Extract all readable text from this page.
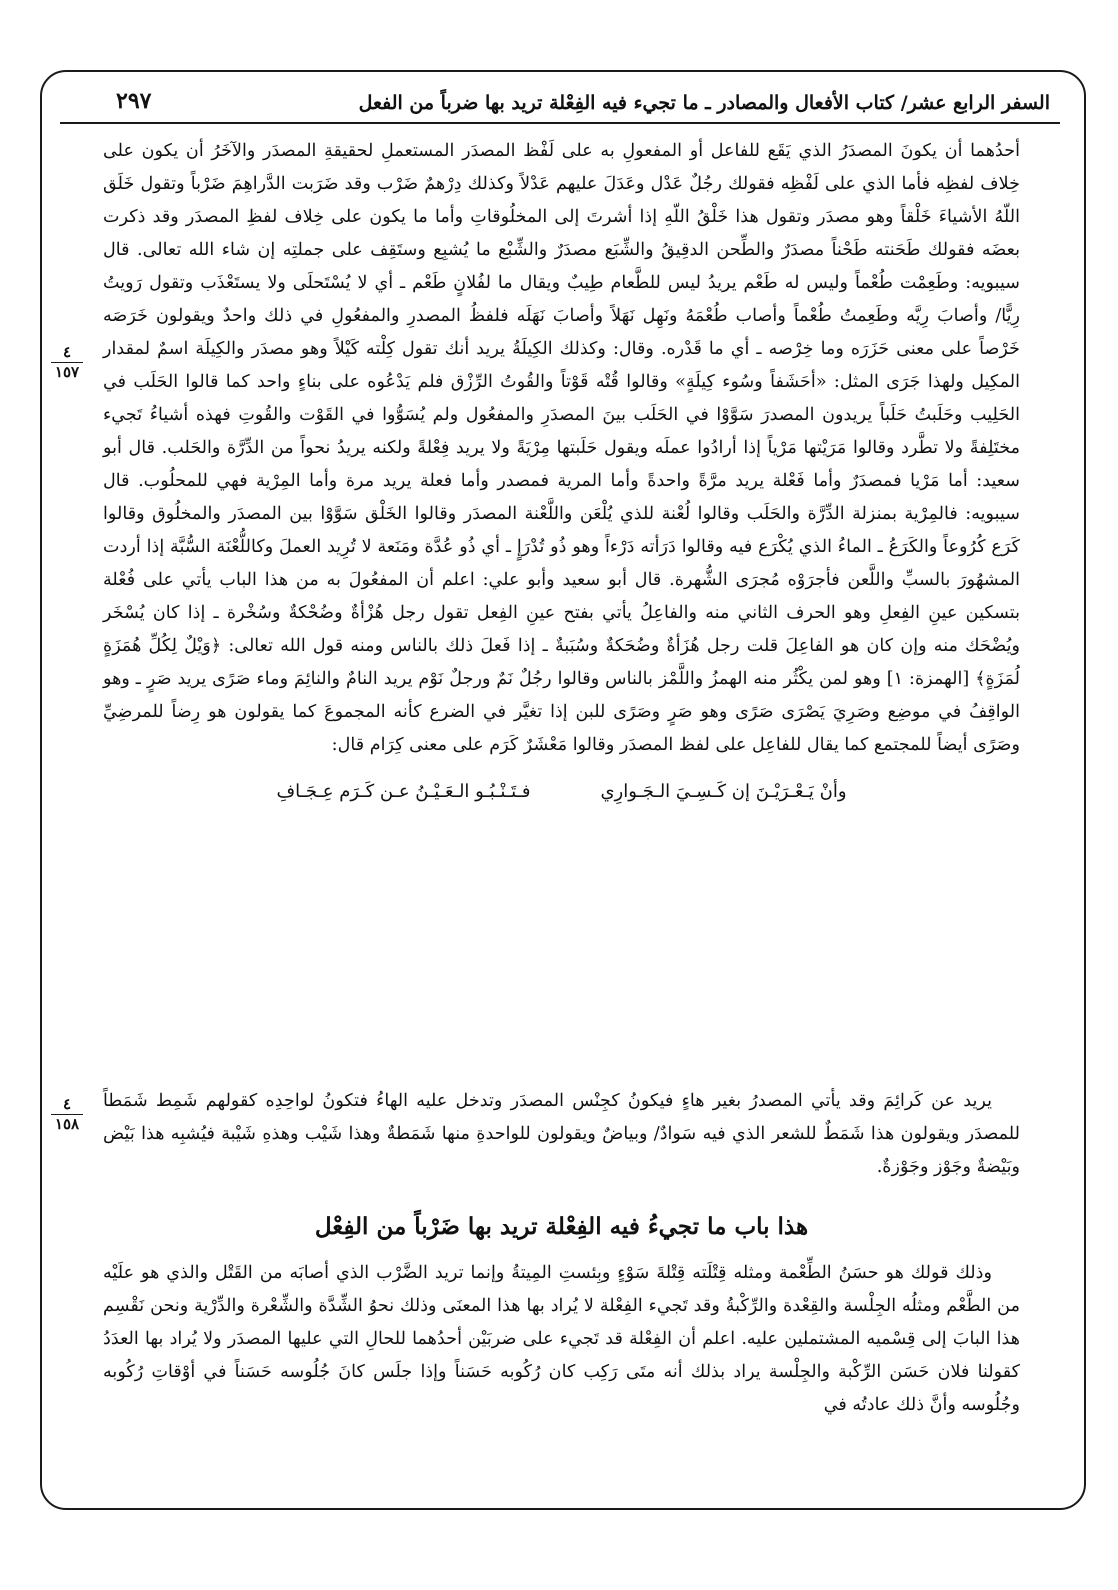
السفر الرابع عشر/ كتاب الأفعال والمصادر ـ ما تجيء فيه الفِعْلة تريد بها ضرباً من الفعل
٢٩٧
٤
١٥٧
٤
١٥٨

أحدُهما أن يكونَ المصدَرُ الذي يَقَع للفاعل أو المفعولِ به على لَفْظ المصدَر المستعملِ لحقيقةِ المصدَر والآخَرُ أن يكون على خِلاف لفظِه فأما الذي على لَفْظِه فقولك رجُلٌ عَدْل وعَدَلَ عليهم عَدْلاً وكذلك دِرْهمٌ ضَرْب وقد ضَرَبت الدَّراهِمَ ضَرْباً وتقول خَلَق اللّهُ الأشياءَ خَلْقاً وهو مصدَر وتقول هذا خَلْقُ اللّهِ إذا أشرتَ إلى المخلُوقاتِ وأما ما يكون على خِلاف لفظِ المصدَر وقد ذكرت بعضَه فقولك طَحَنته طَحْناً مصدَرٌ والطِّحن الدقِيقُ والشِّبَع مصدَرٌ والشِّبْع ما يُشبِع وستَقِف على جملتِه إن شاء الله تعالى. قال سيبويه: وطَعِمْت طُعْماً وليس له طَعْم يريدُ ليس للطَّعام طِيبٌ ويقال ما لفُلانٍ طَعْم ـ أي لا يُسْتَحلَى ولا يستَعْذَب وتقول رَويتُ رِيًّا/ وأصابَ رِيَّه وطَعِمتُ طُعْماً وأصاب طُعْمَهُ ونَهِل نَهَلاً وأصابَ نَهَلَه فلفظُ المصدرِ والمفعُولِ في ذلك واحدٌ ويقولون خَرَصَه خَرْصاً على معنى حَزَرَه وما خِرْصه ـ أي ما قَدْره. وقال: وكذلك الكِيلَةُ يريد أنك تقول كِلْته كَيْلاً وهو مصدَر والكِيلَة اسمٌ لمقدار المكِيل ولهذا جَرَى المثل: «أحَشَفاً وسُوء كِيلَةٍ» وقالوا قُتْه قَوْتاً والقُوتُ الرِّزْق فلم يَدْعُوه على بناءٍ واحد كما قالوا الحَلَب في الحَلِيب وحَلَبتُ حَلَباً يريدون المصدرَ سَوَّوْا في الحَلَب بينَ المصدَرِ والمفعُول ولم يُسَوُّوا في القَوْت والقُوتِ فهذه أشياءُ تَجيء مختَلِفةً ولا تطَّرد وقالوا مَرَيْتها مَرْياً إذا أرادُوا عملَه ويقول حَلَبتها مِرْيَةً ولا يريد فِعْلةً ولكنه يريدُ نحواً من الدِّرَّة والحَلب. قال أبو سعيد: أما مَرْيا فمصدَرٌ وأما فَعْلة يريد مرَّةً واحدةً وأما المرية فمصدر وأما فعلة يريد مرة وأما المِرْية فهي للمحلُوب. قال سيبويه: فالمِرْية بمنزلة الدِّرَّة والحَلَب وقالوا لُعْنة للذي يُلْعَن واللَّعْنة المصدَر وقالوا الخَلْق سَوَّوْا بين المصدَر والمخلُوق وقالوا كَرَع كُرُوعاً والكَرَعُ ـ الماءُ الذي يُكْرَع فيه وقالوا دَرَأته دَرْءاً وهو ذُو تُدْرَإٍ ـ أي ذُو عُدَّة ومَنَعة لا تُرِيد العملَ وكاللُّعْنَة السُّبَّة إذا أردت المشهُورَ بالسبِّ واللَّعن فأجرَوْه مُجرَى الشُّهرة. قال أبو سعيد وأبو علي: اعلم أن المفعُولَ به من هذا الباب يأتي على فُعْلة بتسكين عينِ الفِعلِ وهو الحرف الثاني منه والفاعِلُ يأتي بفتح عينِ الفِعل تقول رجل هُزْأةٌ وضُحْكةٌ وسُخْرة ـ إذا كان يُسْخَر ويُضْحَك منه وإن كان هو الفاعِلَ قلت رجل هُزَأةٌ وضُحَكةٌ وسُبَبةٌ ـ إذا فَعلَ ذلك بالناس ومنه قول الله تعالى: ﴿وَيْلٌ لِكُلِّ هُمَزَةٍ لُمَزَةٍ﴾ [الهمزة: ١] وهو لمن يكْثُر منه الهمزُ واللَّمْز بالناس وقالوا رجُلٌ نَمٌ ورجلٌ نَوْم يريد النامٌ والنائِمَ وماء صَرًى يريد صَرٍ ـ وهو الواقِفُ في موضِع وصَرِيَ يَصْرَى صَرًى وهو صَرٍ وصَرًى للبن إذا تغيَّر في الضرع كأنه المجموعَ كما يقولون هو رِضاً للمرضِيِّ وصَرًى أيضاً للمجتمع كما يقال للفاعِل على لفظ المصدَر وقالوا مَعْشَرٌ كَرَم على معنى كِرَام قال:

وأنْ يَـعْـرَيْـنَ إن كَـسِـيَ الـجَـوارِي
فـتَـنْـبُـو الـعَـيْـنُ عـن كَـرَم عِـجَـافِ

يريد عن كَرائِمَ وقد يأتي المصدرُ بغير هاءٍ فيكونُ كجِنْس المصدَر وتدخل عليه الهاءُ فتكونُ لواحِدِه كقولهم شَمِط شَمَطاً للمصدَر ويقولون هذا شَمَطٌ للشعر الذي فيه سَوادٌ/ وبياضٌ ويقولون للواحدةِ منها شَمَطةٌ وهذا شَيْب وهذهِ شَيْبة فيُشبِه هذا بَيْض وبَيْضةٌ وجَوْز وجَوْزةٌ.

هذا باب ما تجيءُ فيه الفِعْلة تريد بها ضَرْباً من الفِعْل

وذلك قولك هو حسَنُ الطِّعْمة ومثله قِتْلَته قِتْلةَ سَوْءٍ وبِئستِ المِيتةُ وإنما تريد الضَّرْب الذي أصابَه من القَتْل والذي هو علَيْه من الطَّعْم ومثلُه الجِلْسة والقِعْدة والرِّكْبةُ وقد تَجيء الفِعْلة لا يُراد بها هذا المعنَى وذلك نحوُ الشِّدَّة والشِّعْرة والدِّرْية ونحن نَقْسِم هذا البابَ إلى قِسْميه المشتملين عليه. اعلم أن الفِعْلة قد تَجيء على ضربَيْن أحدُهما للحالِ التي عليها المصدَر ولا يُراد بها العدَدُ كقولنا فلان حَسَن الرِّكْبة والجِلْسة يراد بذلك أنه متَى رَكِب كان رُكُوبه حَسَناً وإذا جلَس كانَ جُلُوسه حَسَناً في أوْقاتِ رُكُوبه وجُلُوسه وأنَّ ذلك عادتُه في
